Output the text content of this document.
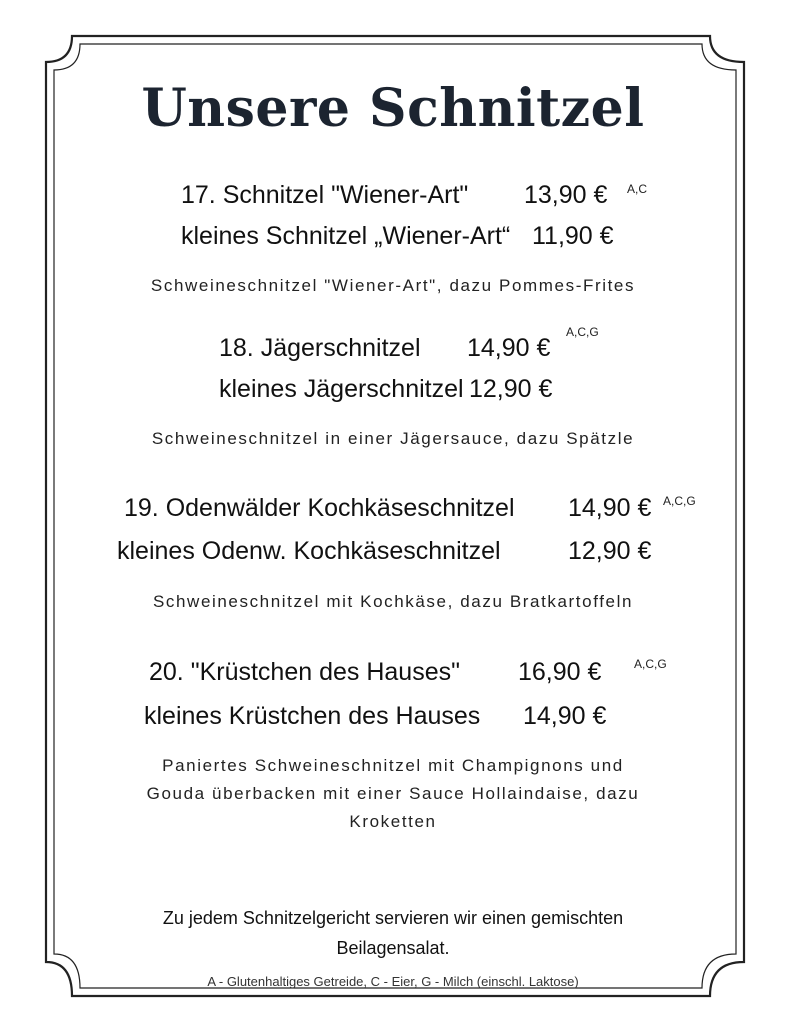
Unsere Schnitzel
17. Schnitzel "Wiener-Art" 13,90 € A,C
kleines Schnitzel „Wiener-Art“ 11,90 €
Schweineschnitzel "Wiener-Art", dazu Pommes-Frites
18. Jägerschnitzel 14,90 €
A,C,G
kleines Jägerschnitzel 12,90 €
Schweineschnitzel in einer Jägersauce, dazu Spätzle
19. Odenwälder Kochkäseschnitzel 14,90 € A,C,G
kleines Odenw. Kochkäseschnitzel	12,90 €
Schweineschnitzel mit Kochkäse, dazu Bratkartoffeln
20. "Krüstchen des Hauses" 16,90 €	A,C,G
kleines Krüstchen des Hauses 14,90 €
Paniertes Schweineschnitzel mit Champignons und
Gouda überbacken mit einer Sauce Hollaindaise, dazu
Kroketten
Zu jedem Schnitzelgericht servieren wir einen gemischten
Beilagensalat.
A - Glutenhaltiges Getreide, C - Eier, G - Milch (einschl. Laktose)
